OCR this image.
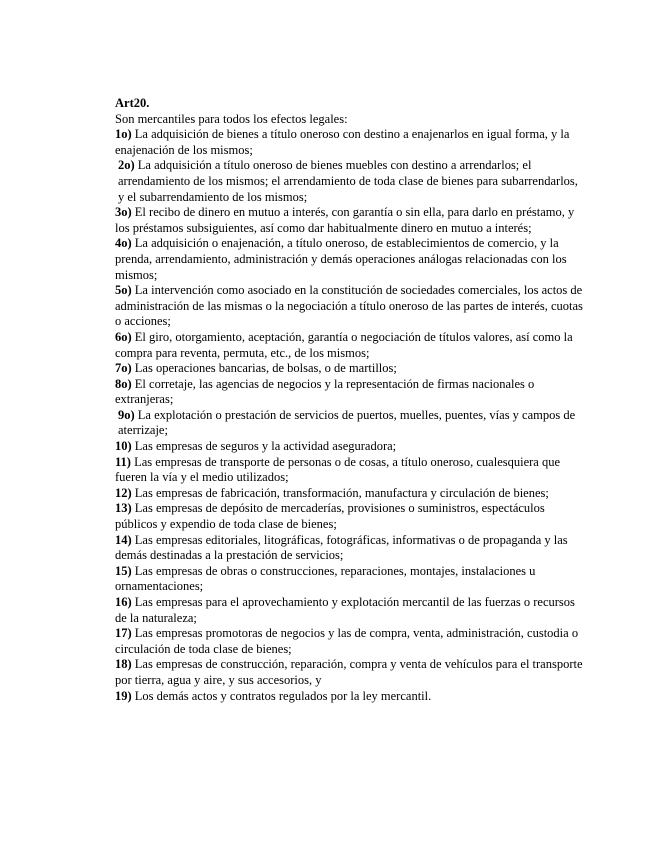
Art20.

Son mercantiles para todos los efectos legales:

1o) La adquisición de bienes a título oneroso con destino a enajenarlos en igual forma, y la enajenación de los mismos;

2o) La adquisición a título oneroso de bienes muebles con destino a arrendarlos; el arrendamiento de los mismos; el arrendamiento de toda clase de bienes para subarrendarlos, y el subarrendamiento de los mismos;

3o) El recibo de dinero en mutuo a interés, con garantía o sin ella, para darlo en préstamo, y los préstamos subsiguientes, así como dar habitualmente dinero en mutuo a interés;

4o) La adquisición o enajenación, a título oneroso, de establecimientos de comercio, y la prenda, arrendamiento, administración y demás operaciones análogas relacionadas con los mismos;

5o) La intervención como asociado en la constitución de sociedades comerciales, los actos de administración de las mismas o la negociación a título oneroso de las partes de interés, cuotas o acciones;

6o) El giro, otorgamiento, aceptación, garantía o negociación de títulos valores, así como la compra para reventa, permuta, etc., de los mismos;

7o) Las operaciones bancarias, de bolsas, o de martillos;

8o) El corretaje, las agencias de negocios y la representación de firmas nacionales o extranjeras;

9o) La explotación o prestación de servicios de puertos, muelles, puentes, vías y campos de aterrizaje;

10) Las empresas de seguros y la actividad aseguradora;

11) Las empresas de transporte de personas o de cosas, a título oneroso, cualesquiera que fueren la vía y el medio utilizados;

12) Las empresas de fabricación, transformación, manufactura y circulación de bienes;

13) Las empresas de depósito de mercaderías, provisiones o suministros, espectáculos públicos y expendio de toda clase de bienes;

14) Las empresas editoriales, litográficas, fotográficas, informativas o de propaganda y las demás destinadas a la prestación de servicios;

15) Las empresas de obras o construcciones, reparaciones, montajes, instalaciones u ornamentaciones;

16) Las empresas para el aprovechamiento y explotación mercantil de las fuerzas o recursos de la naturaleza;

17) Las empresas promotoras de negocios y las de compra, venta, administración, custodia o circulación de toda clase de bienes;

18) Las empresas de construcción, reparación, compra y venta de vehículos para el transporte por tierra, agua y aire, y sus accesorios, y

19) Los demás actos y contratos regulados por la ley mercantil.
